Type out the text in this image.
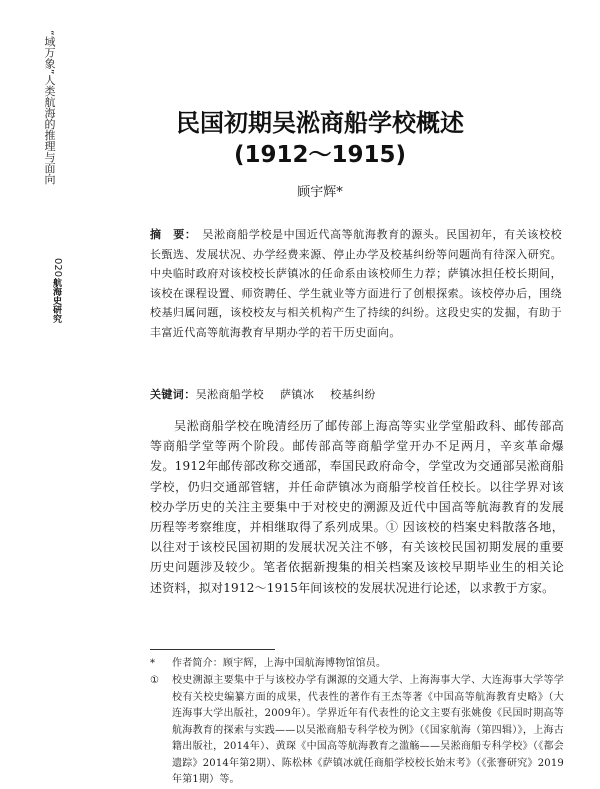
“域万象”人类航海的推理与面向
020
航海史研究
民国初期吴淞商船学校概述
(1912～1915)
顾宇辉*
摘　要： 吴淞商船学校是中国近代高等航海教育的源头。民国初年，有关该校校长甄选、发展状况、办学经费来源、停止办学及校基纠纷等问题尚有待深入研究。中央临时政府对该校校长萨镇冰的任命系由该校师生力荐；萨镇冰担任校长期间，该校在课程设置、师资聘任、学生就业等方面进行了创根探索。该校停办后，围绕校基归属问题，该校校友与相关机构产生了持续的纠纷。这段史实的发掘，有助于丰富近代高等航海教育早期办学的若干历史面向。
关键词：吴淞商船学校 萨镇冰 校基纠纷
吴淞商船学校在晚清经历了邮传部上海高等实业学堂船政科、邮传部高等商船学堂等两个阶段。邮传部高等商船学堂开办不足两月，辛亥革命爆发。1912年邮传部改称交通部，奉国民政府命令，学堂改为交通部吴淞商船学校，仍归交通部管辖，并任命萨镇冰为商船学校首任校长。以往学界对该校办学历史的关注主要集中于对校史的溯源及近代中国高等航海教育的发展历程等考察维度，并相继取得了系列成果。① 因该校的档案史料散落各地，以往对于该校民国初期的发展状况关注不够，有关该校民国初期发展的重要历史问题涉及较少。笔者依据新搜集的相关档案及该校早期毕业生的相关论述资料，拟对1912～1915年间该校的发展状况进行论述，以求教于方家。
* 作者简介：顾宇辉，上海中国航海博物馆馆员。
① 校史溯源主要集中于与该校办学有渊源的交通大学、上海海事大学、大连海事大学等学校有关校史编纂方面的成果，代表性的著作有王杰等著《中国高等航海教育史略》（大连海事大学出版社，2009年）。学界近年有代表性的论文主要有张姚俊《民国时期高等航海教育的探索与实践——以吴淞商船专科学校为例》（《国家航海（第四辑）》，上海古籍出版社，2014年）、黄琛《中国高等航海教育之滥觞——吴淞商船专科学校》（《都会遗踪》2014年第2期）、陈松林《萨镇冰就任商船学校校长始末考》（《张謇研究》2019年第1期）等。
